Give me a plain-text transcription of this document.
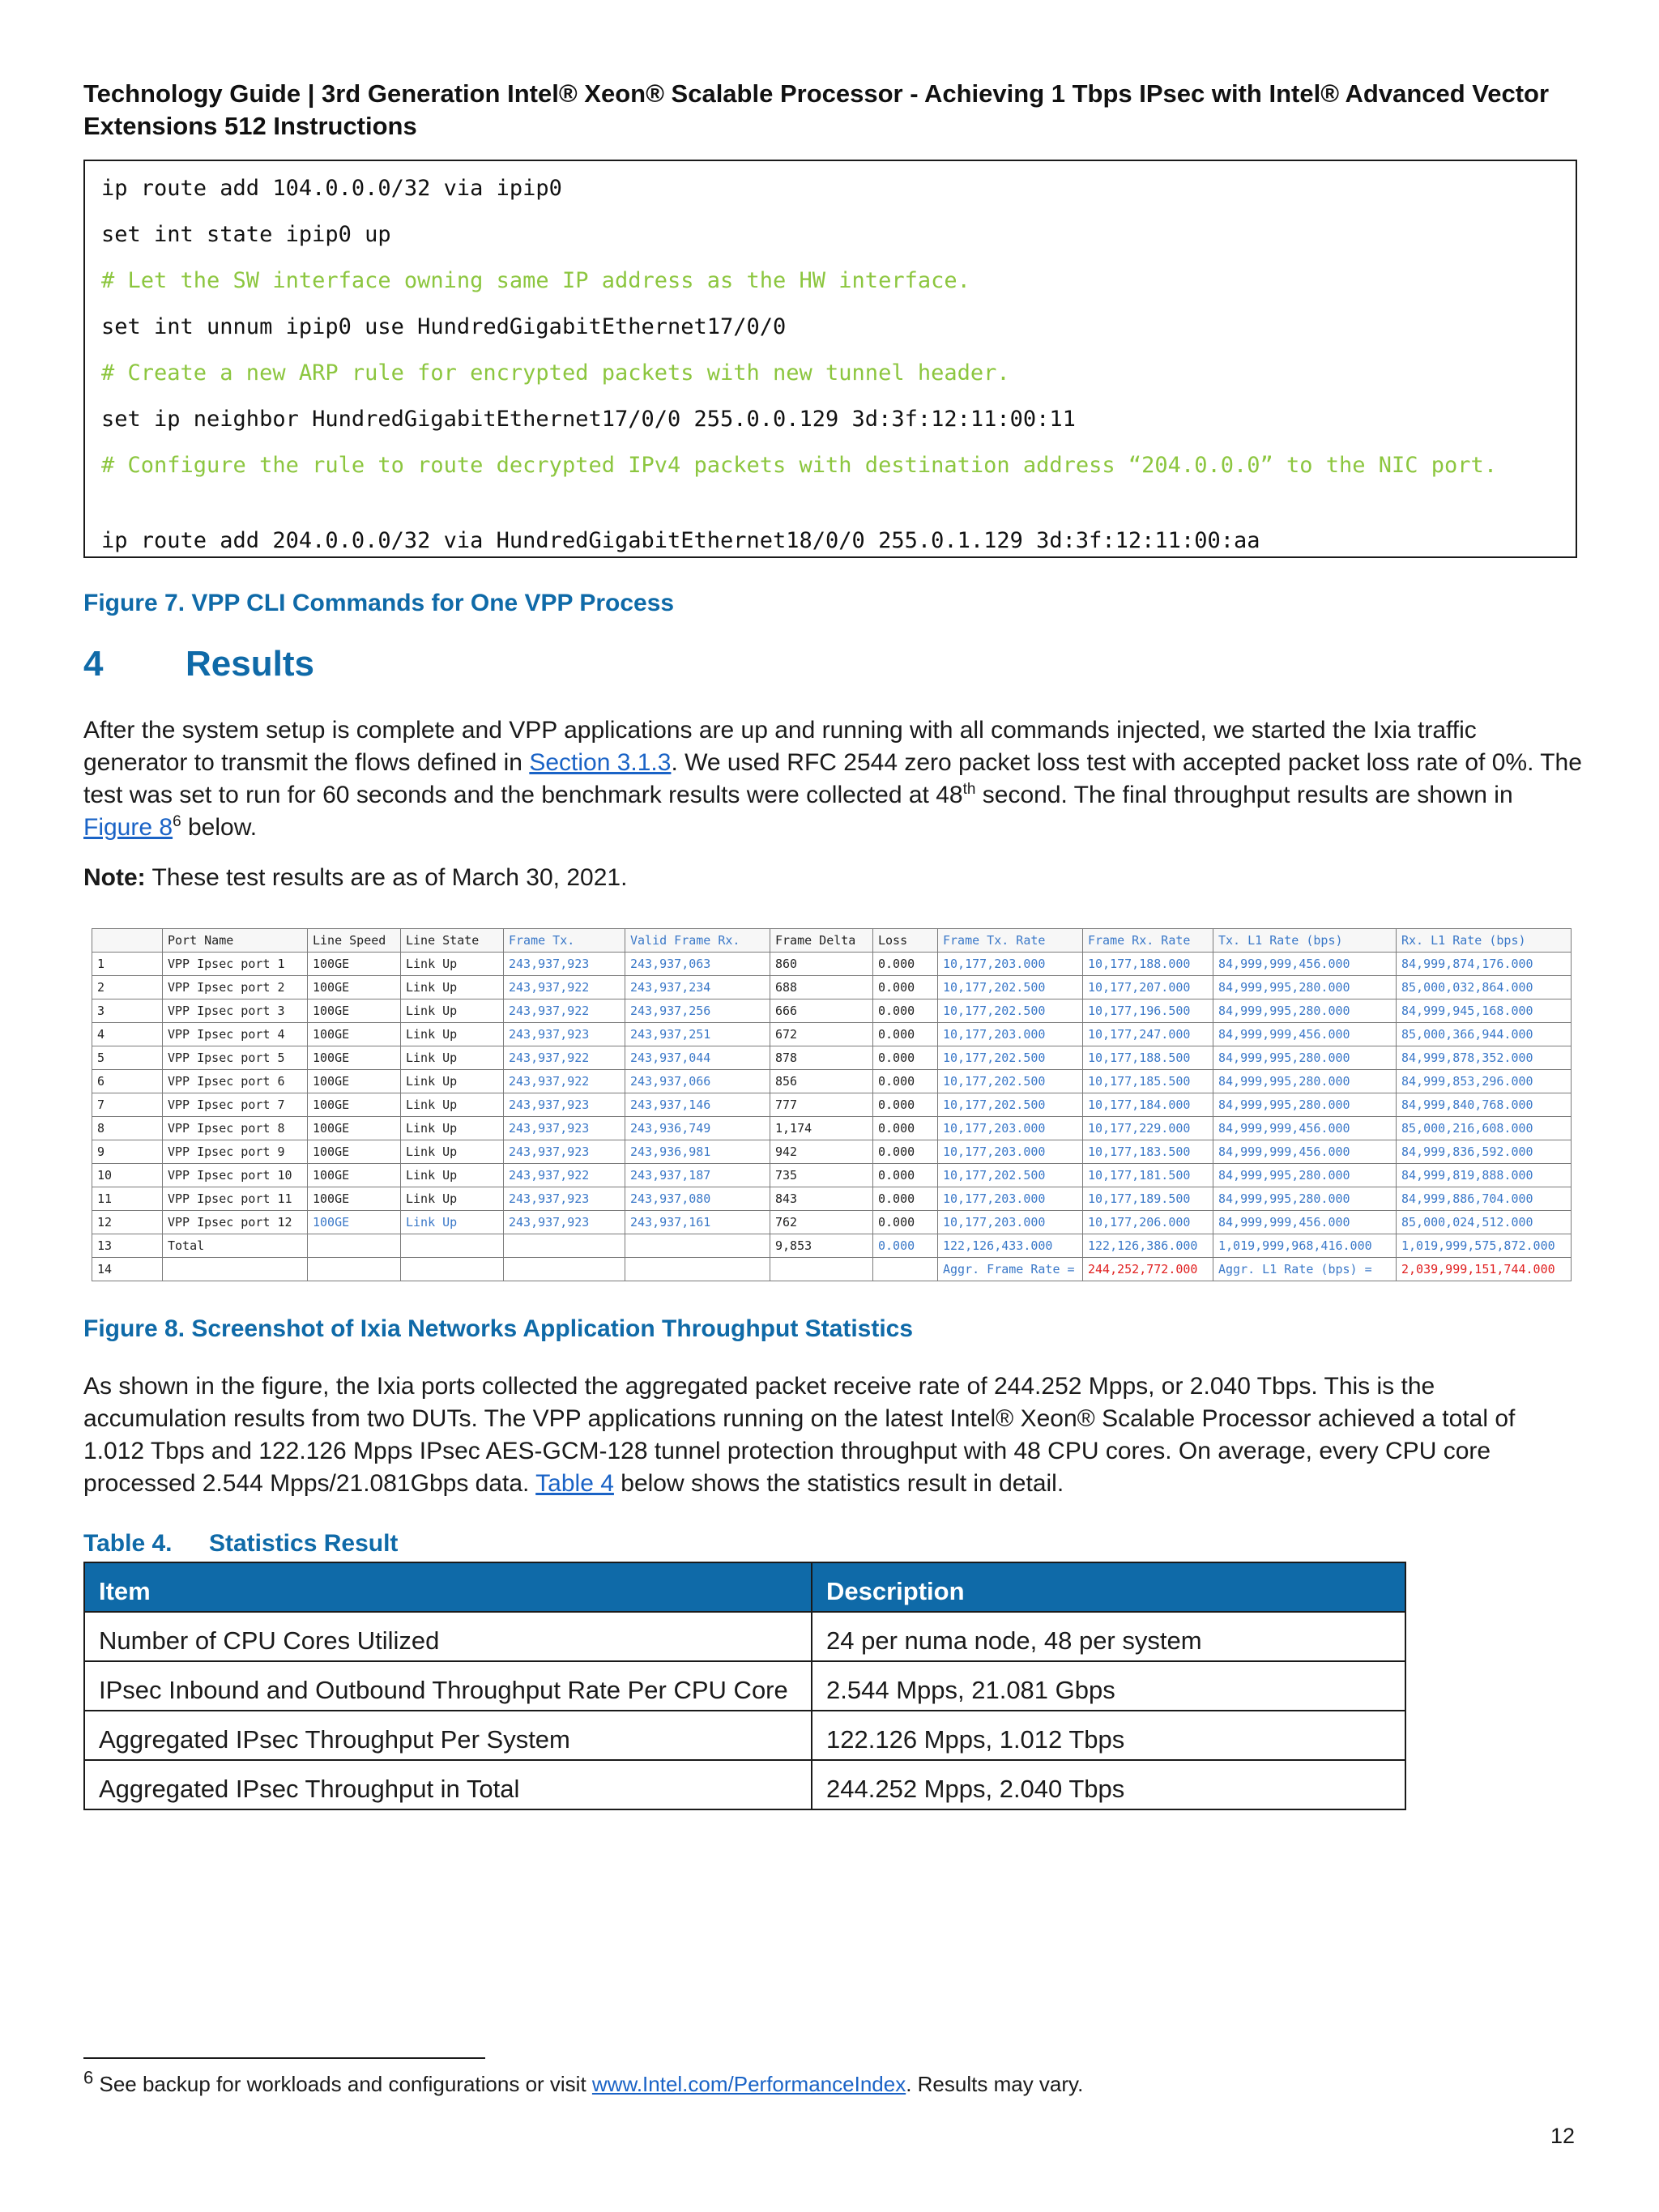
Technology Guide | 3rd Generation Intel® Xeon® Scalable Processor - Achieving 1 Tbps IPsec with Intel® Advanced Vector Extensions 512 Instructions
ip route add 104.0.0.0/32 via ipip0
set int state ipip0 up
# Let the SW interface owning same IP address as the HW interface.
set int unnum ipip0 use HundredGigabitEthernet17/0/0
# Create a new ARP rule for encrypted packets with new tunnel header.
set ip neighbor HundredGigabitEthernet17/0/0 255.0.0.129 3d:3f:12:11:00:11
# Configure the rule to route decrypted IPv4 packets with destination address “204.0.0.0” to the NIC port.
ip route add 204.0.0.0/32 via HundredGigabitEthernet18/0/0 255.0.1.129 3d:3f:12:11:00:aa
Figure 7. VPP CLI Commands for One VPP Process
4 Results
After the system setup is complete and VPP applications are up and running with all commands injected, we started the Ixia traffic generator to transmit the flows defined in Section 3.1.3. We used RFC 2544 zero packet loss test with accepted packet loss rate of 0%. The test was set to run for 60 seconds and the benchmark results were collected at 48th second. The final throughput results are shown in Figure $8^6$ below.
Note: These test results are as of March 30, 2021.
	Port Name	Line Speed	Line State	Frame Tx.	Valid Frame Rx.	Frame Delta	Loss	Frame Tx. Rate	Frame Rx. Rate	Tx. L1 Rate (bps)	Rx. L1 Rate (bps)
1	VPP Ipsec port 1	100GE	Link Up	243,937,923	243,937,063	860	0.000	10,177,203.000	10,177,188.000	84,999,999,456.000	84,999,874,176.000
2	VPP Ipsec port 2	100GE	Link Up	243,937,922	243,937,234	688	0.000	10,177,202.500	10,177,207.000	84,999,995,280.000	85,000,032,864.000
3	VPP Ipsec port 3	100GE	Link Up	243,937,922	243,937,256	666	0.000	10,177,202.500	10,177,196.500	84,999,995,280.000	84,999,945,168.000
4	VPP Ipsec port 4	100GE	Link Up	243,937,923	243,937,251	672	0.000	10,177,203.000	10,177,247.000	84,999,999,456.000	85,000,366,944.000
5	VPP Ipsec port 5	100GE	Link Up	243,937,922	243,937,044	878	0.000	10,177,202.500	10,177,188.500	84,999,995,280.000	84,999,878,352.000
6	VPP Ipsec port 6	100GE	Link Up	243,937,922	243,937,066	856	0.000	10,177,202.500	10,177,185.500	84,999,995,280.000	84,999,853,296.000
7	VPP Ipsec port 7	100GE	Link Up	243,937,923	243,937,146	777	0.000	10,177,202.500	10,177,184.000	84,999,995,280.000	84,999,840,768.000
8	VPP Ipsec port 8	100GE	Link Up	243,937,923	243,936,749	1,174	0.000	10,177,203.000	10,177,229.000	84,999,999,456.000	85,000,216,608.000
9	VPP Ipsec port 9	100GE	Link Up	243,937,923	243,936,981	942	0.000	10,177,203.000	10,177,183.500	84,999,999,456.000	84,999,836,592.000
10	VPP Ipsec port 10	100GE	Link Up	243,937,922	243,937,187	735	0.000	10,177,202.500	10,177,181.500	84,999,995,280.000	84,999,819,888.000
11	VPP Ipsec port 11	100GE	Link Up	243,937,923	243,937,080	843	0.000	10,177,203.000	10,177,189.500	84,999,995,280.000	84,999,886,704.000
12	VPP Ipsec port 12	100GE	Link Up	243,937,923	243,937,161	762	0.000	10,177,203.000	10,177,206.000	84,999,999,456.000	85,000,024,512.000
13	Total					9,853	0.000	122,126,433.000	122,126,386.000	1,019,999,968,416.000	1,019,999,575,872.000
14								Aggr. Frame Rate =	244,252,772.000	Aggr. L1 Rate (bps) =	2,039,999,151,744.000
Figure 8. Screenshot of Ixia Networks Application Throughput Statistics
As shown in the figure, the Ixia ports collected the aggregated packet receive rate of 244.252 Mpps, or 2.040 Tbps. This is the accumulation results from two DUTs. The VPP applications running on the latest Intel® Xeon® Scalable Processor achieved a total of 1.012 Tbps and 122.126 Mpps IPsec AES-GCM-128 tunnel protection throughput with 48 CPU cores. On average, every CPU core processed 2.544 Mpps/21.081Gbps data. Table 4 below shows the statistics result in detail.
Table 4. Statistics Result
Item	Description
Number of CPU Cores Utilized	24 per numa node, 48 per system
IPsec Inbound and Outbound Throughput Rate Per CPU Core	2.544 Mpps, 21.081 Gbps
Aggregated IPsec Throughput Per System	122.126 Mpps, 1.012 Tbps
Aggregated IPsec Throughput in Total	244.252 Mpps, 2.040 Tbps
$^6$ See backup for workloads and configurations or visit www.Intel.com/PerformanceIndex. Results may vary.
12
